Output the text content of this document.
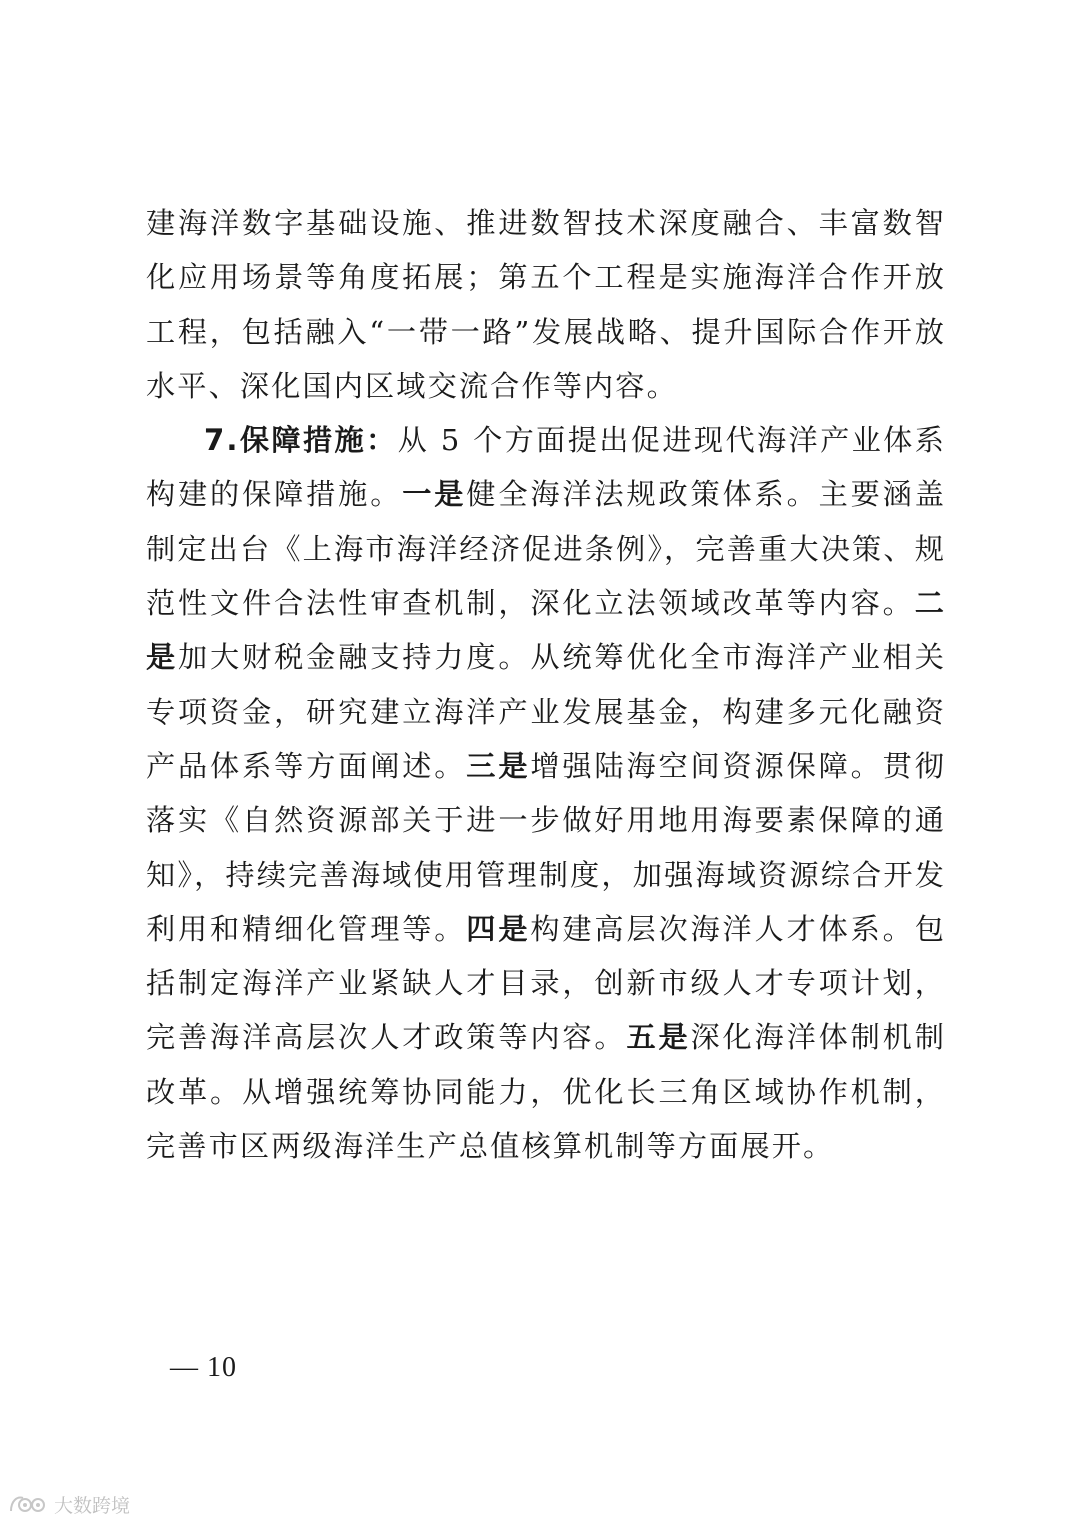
建海洋数字基础设施、推进数智技术深度融合、丰富数智化应用场景等角度拓展；第五个工程是实施海洋合作开放工程，包括融入“一带一路”发展战略、提升国际合作开放水平、深化国内区域交流合作等内容。

7.保障措施：从 5 个方面提出促进现代海洋产业体系构建的保障措施。一是健全海洋法规政策体系。主要涵盖制定出台《上海市海洋经济促进条例》，完善重大决策、规范性文件合法性审查机制，深化立法领域改革等内容。二是加大财税金融支持力度。从统筹优化全市海洋产业相关专项资金，研究建立海洋产业发展基金，构建多元化融资产品体系等方面阐述。三是增强陆海空间资源保障。贯彻落实《自然资源部关于进一步做好用地用海要素保障的通知》，持续完善海域使用管理制度，加强海域资源综合开发利用和精细化管理等。四是构建高层次海洋人才体系。包括制定海洋产业紧缺人才目录，创新市级人才专项计划，完善海洋高层次人才政策等内容。五是深化海洋体制机制改革。从增强统筹协同能力，优化长三角区域协作机制，完善市区两级海洋生产总值核算机制等方面展开。

— 10
大数跨境
